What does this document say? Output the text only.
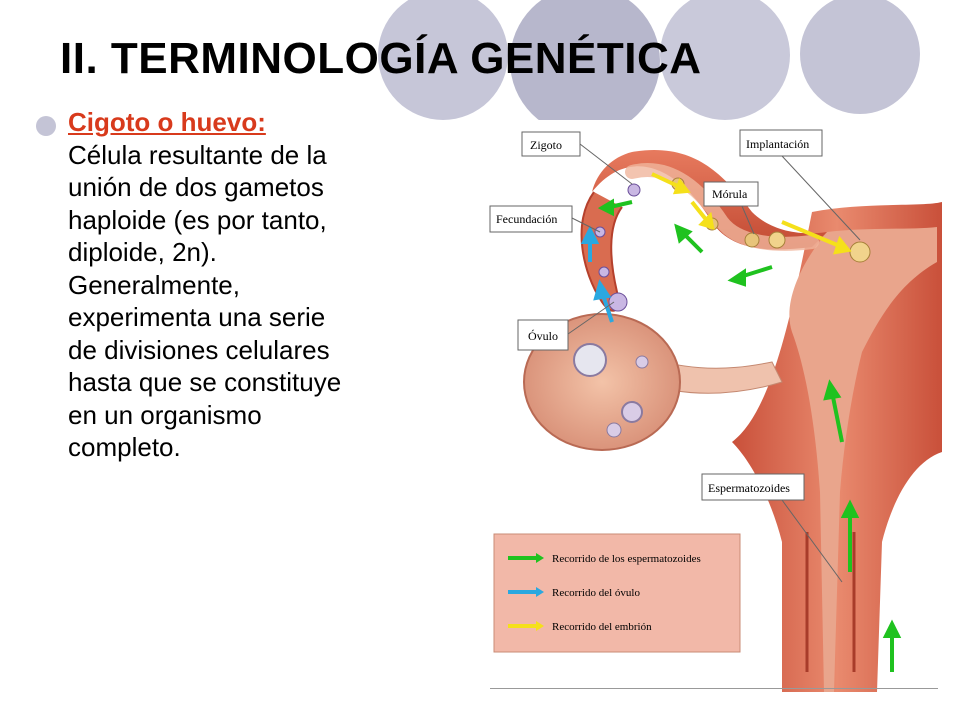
II. TERMINOLOGÍA GENÉTICA
Cigoto o huevo:
Célula resultante de la
unión de dos gametos
haploide (es por tanto,
diploide, 2n).
Generalmente,
experimenta una serie
de divisiones celulares
hasta que se constituye
en un organismo
completo.
Zigoto	Implantación
Fecundación
Mórula
Óvulo
Espermatozoides
Recorrido de los espermatozoides
Recorrido del óvulo
Recorrido del embrión
